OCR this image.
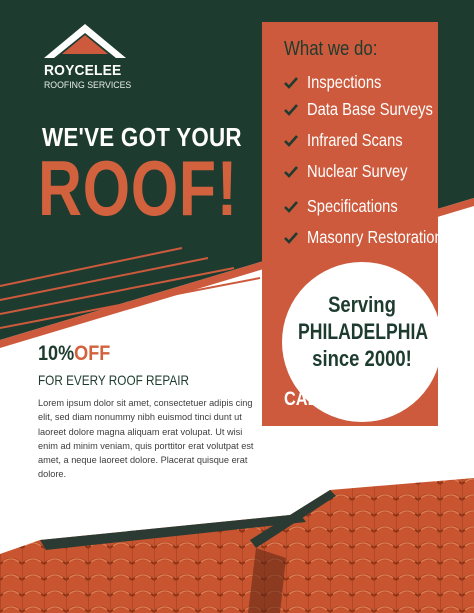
ROYCELEE
ROOFING SERVICES
WE'VE GOT YOUR
ROOF!
What we do:
Inspections
Data Base Surveys
Infrared Scans
Nuclear Survey
Specifications
Masonry Restoration
Serving
PHILADELPHIA
since 2000!
CALL US
+56-123-45678 | roycelee.com
10%OFF
FOR EVERY ROOF REPAIR
Lorem ipsum dolor sit amet, consectetuer adipis cing elit, sed diam nonummy nibh euismod tinci dunt ut laoreet dolore magna aliquam erat volupat. Ut wisi enim ad minim veniam, quis porttitor erat volutpat est amet, a neque laoreet dolore. Placerat quisque erat dolore.
